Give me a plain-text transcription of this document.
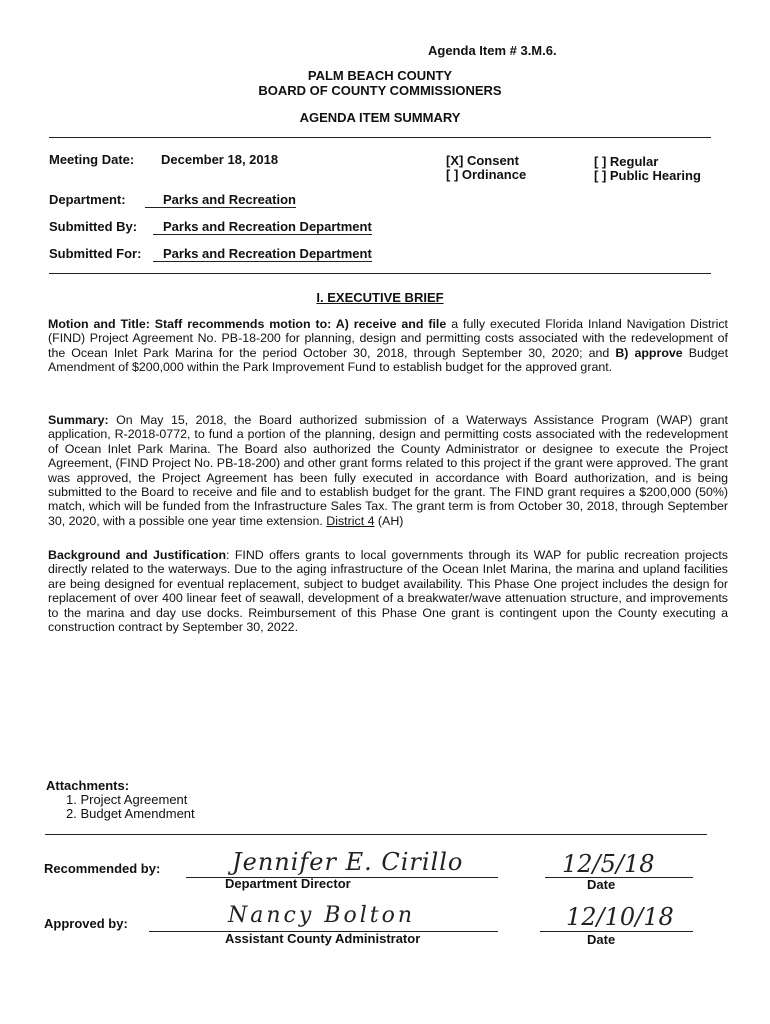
Agenda Item # 3.M.6.
PALM BEACH COUNTY
BOARD OF COUNTY COMMISSIONERS
AGENDA ITEM SUMMARY
Meeting Date: December 18, 2018	[X] Consent
[ ] Ordinance
[ ] Regular
[ ] Public Hearing
Department:	Parks and Recreation
Submitted By:	Parks and Recreation Department
Submitted For:	Parks and Recreation Department
I. EXECUTIVE BRIEF
Motion and Title: Staff recommends motion to: A) receive and file a fully executed Florida Inland Navigation District (FIND) Project Agreement No. PB-18-200 for planning, design and permitting costs associated with the redevelopment of the Ocean Inlet Park Marina for the period October 30, 2018, through September 30, 2020; and B) approve Budget Amendment of $200,000 within the Park Improvement Fund to establish budget for the approved grant.
Summary: On May 15, 2018, the Board authorized submission of a Waterways Assistance Program (WAP) grant application, R-2018-0772, to fund a portion of the planning, design and permitting costs associated with the redevelopment of Ocean Inlet Park Marina. The Board also authorized the County Administrator or designee to execute the Project Agreement, (FIND Project No. PB-18-200) and other grant forms related to this project if the grant were approved. The grant was approved, the Project Agreement has been fully executed in accordance with Board authorization, and is being submitted to the Board to receive and file and to establish budget for the grant. The FIND grant requires a $200,000 (50%) match, which will be funded from the Infrastructure Sales Tax. The grant term is from October 30, 2018, through September 30, 2020, with a possible one year time extension. District 4 (AH)
Background and Justification: FIND offers grants to local governments through its WAP for public recreation projects directly related to the waterways. Due to the aging infrastructure of the Ocean Inlet Marina, the marina and upland facilities are being designed for eventual replacement, subject to budget availability. This Phase One project includes the design for replacement of over 400 linear feet of seawall, development of a breakwater/wave attenuation structure, and improvements to the marina and day use docks. Reimbursement of this Phase One grant is contingent upon the County executing a construction contract by September 30, 2022.
Attachments:
1. Project Agreement
2. Budget Amendment
Recommended by:	Jennifer E. Cirillo
Department Director
12/5/18
Date
Approved by:	Nancy Bolton
Assistant County Administrator
12/10/18
Date
